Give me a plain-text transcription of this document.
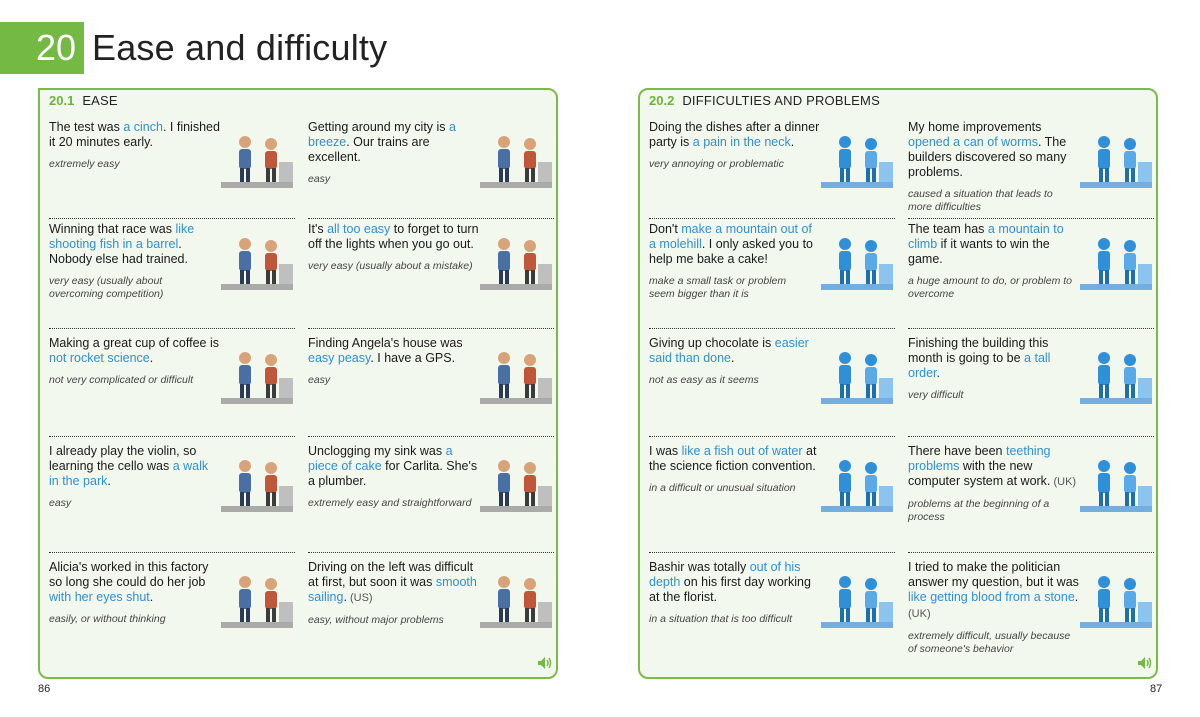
20 Ease and difficulty
20.1 EASE
The test was a cinch. I finished it 20 minutes early.
extremely easy
Getting around my city is a breeze. Our trains are excellent.
easy
Winning that race was like shooting fish in a barrel. Nobody else had trained.
very easy (usually about overcoming competition)
It's all too easy to forget to turn off the lights when you go out.
very easy (usually about a mistake)
Making a great cup of coffee is not rocket science.
not very complicated or difficult
Finding Angela's house was easy peasy. I have a GPS.
easy
I already play the violin, so learning the cello was a walk in the park.
easy
Unclogging my sink was a piece of cake for Carlita. She's a plumber.
extremely easy and straightforward
Alicia's worked in this factory so long she could do her job with her eyes shut.
easily, or without thinking
Driving on the left was difficult at first, but soon it was smooth sailing. (US)
easy, without major problems
20.2 DIFFICULTIES AND PROBLEMS
Doing the dishes after a dinner party is a pain in the neck.
very annoying or problematic
My home improvements opened a can of worms. The builders discovered so many problems.
caused a situation that leads to more difficulties
Don't make a mountain out of a molehill. I only asked you to help me bake a cake!
make a small task or problem seem bigger than it is
The team has a mountain to climb if it wants to win the game.
a huge amount to do, or problem to overcome
Giving up chocolate is easier said than done.
not as easy as it seems
Finishing the building this month is going to be a tall order.
very difficult
I was like a fish out of water at the science fiction convention.
in a difficult or unusual situation
There have been teething problems with the new computer system at work. (UK)
problems at the beginning of a process
Bashir was totally out of his depth on his first day working at the florist.
in a situation that is too difficult
I tried to make the politician answer my question, but it was like getting blood from a stone. (UK)
extremely difficult, usually because of someone's behavior
86	87
